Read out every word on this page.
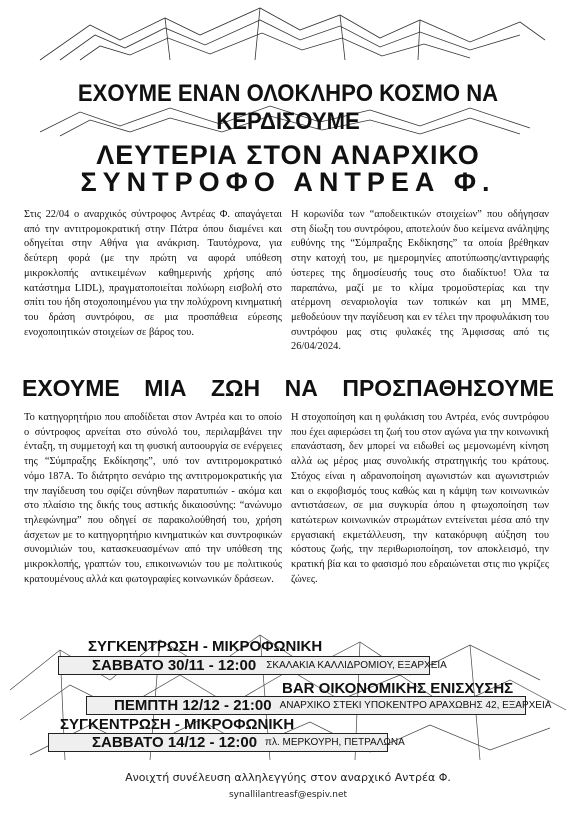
ΕΧΟΥΜΕ ΕΝΑΝ ΟΛΟΚΛΗΡΟ ΚΟΣΜΟ ΝΑ ΚΕΡΔΙΣΟΥΜΕ
ΛΕΥΤΕΡΙΑ ΣΤΟΝ ΑΝΑΡΧΙΚΟ
ΣΥΝΤΡΟΦΟ ΑΝΤΡΕΑ Φ.

Στις 22/04 ο αναρχικός σύντροφος Αντρέας Φ. απαγάγεται από την αντιτρομοκρατική στην Πάτρα όπου διαμένει και οδηγείται στην Αθήνα για ανάκριση. Ταυτόχρονα, για δεύτερη φορά (με την πρώτη να αφορά υπόθεση μικροκλοπής αντικειμένων καθημερινής χρήσης από κατάστημα LIDL), πραγματοποιείται πολύωρη εισβολή στο σπίτι του ήδη στοχοποιημένου για την πολύχρονη κινηματική του δράση συντρόφου, σε μια προσπάθεια εύρεσης ενοχοποιητικών στοιχείων σε βάρος του.

Η κορωνίδα των “αποδεικτικών στοιχείων” που οδήγησαν στη δίωξη του συντρόφου, αποτελούν δυο κείμενα ανάληψης ευθύνης της “Σύμπραξης Εκδίκησης” τα οποία βρέθηκαν στην κατοχή του, με ημερομηνίες αποτύπωσης/αντιγραφής ύστερες της δημοσίευσής τους στο διαδίκτυο! Όλα τα παραπάνω, μαζί με το κλίμα τρομοϋστερίας και την ατέρμονη σεναριολογία των τοπικών και μη ΜΜΕ, μεθοδεύουν την παγίδευση και εν τέλει την προφυλάκιση του συντρόφου μας στις φυλακές της Άμφισσας από τις 26/04/2024.

ΕΧΟΥΜΕ ΜΙΑ ΖΩΗ ΝΑ ΠΡΟΣΠΑΘΗΣΟΥΜΕ

Το κατηγορητήριο που αποδίδεται στον Αντρέα και το οποίο ο σύντροφος αρνείται στο σύνολό του, περιλαμβάνει την ένταξη, τη συμμετοχή και τη φυσική αυτοουργία σε ενέργειες της “Σύμπραξης Εκδίκησης”, υπό τον αντιτρομοκρατικό νόμο 187Α. Το διάτρητο σενάριο της αντιτρομοκρατικής για την παγίδευση του σφίζει σύνηθων παρατυπιών - ακόμα και στο πλαίσιο της δικής τους αστικής δικαιοσύνης: “ανώνυμο τηλεφώνημα” που οδηγεί σε παρακολούθησή του, χρήση άσχετων με το κατηγορητήριο κινηματικών και συντροφικών συνομιλιών του, κατασκευασμένων από την υπόθεση της μικροκλοπής, γραπτών του, επικοινωνιών του με πολιτικούς κρατουμένους αλλά και φωτογραφίες κοινωνικών δράσεων.

Η στοχοποίηση και η φυλάκιση του Αντρέα, ενός συντρόφου που έχει αφιερώσει τη ζωή του στον αγώνα για την κοινωνική επανάσταση, δεν μπορεί να ειδωθεί ως μεμονωμένη κίνηση αλλά ως μέρος μιας συνολικής στρατηγικής του κράτους. Στόχος είναι η αδρανοποίηση αγωνιστών και αγωνιστριών και ο εκφοβισμός τους καθώς και η κάμψη των κοινωνικών αντιστάσεων, σε μια συγκυρία όπου η φτωχοποίηση των κατώτερων κοινωνικών στρωμάτων εντείνεται μέσα από την εργασιακή εκμετάλλευση, την κατακόρυφη αύξηση του κόστους ζωής, την περιθωριοποίηση, τον αποκλεισμό, την κρατική βία και το φασισμό που εδραιώνεται στις πιο γκρίζες ζώνες.

ΣΥΓΚΕΝΤΡΩΣΗ - ΜΙΚΡΟΦΩΝΙΚΗ
ΣΑΒΒΑΤΟ 30/11 - 12:00 ΣΚΑΛΑΚΙΑ ΚΑΛΛΙΔΡΟΜΙΟΥ, ΕΞΑΡΧΕΙΑ
BAR ΟΙΚΟΝΟΜΙΚΗΣ ΕΝΙΣΧΥΣΗΣ
ΠΕΜΠΤΗ 12/12 - 21:00 ΑΝΑΡΧΙΚΟ ΣΤΕΚΙ ΥΠΟΚΕΝΤΡΟ ΑΡΑΧΩΒΗΣ 42, ΕΞΑΡΧΕΙΑ
ΣΥΓΚΕΝΤΡΩΣΗ - ΜΙΚΡΟΦΩΝΙΚΗ
ΣΑΒΒΑΤΟ 14/12 - 12:00 πλ. ΜΕΡΚΟΥΡΗ, ΠΕΤΡΑΛΩΝΑ

Ανοιχτή συνέλευση αλληλεγγύης στον αναρχικό Αντρέα Φ.

synallilantreasf@espiv.net
